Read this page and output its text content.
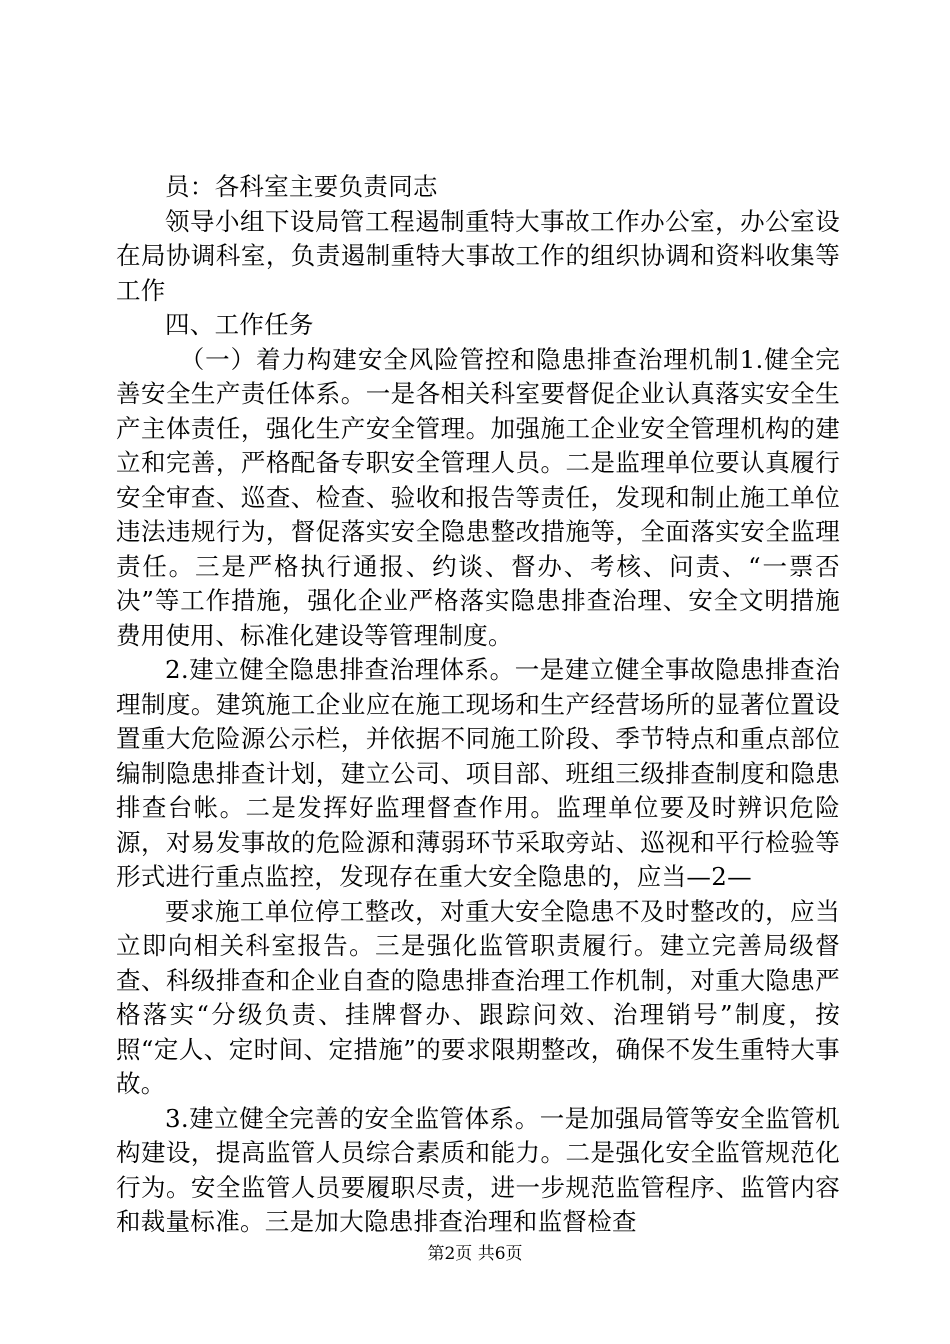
员：各科室主要负责同志

领导小组下设局管工程遏制重特大事故工作办公室，办公室设在局协调科室，负责遏制重特大事故工作的组织协调和资料收集等工作

四、工作任务

（一）着力构建安全风险管控和隐患排查治理机制1.健全完善安全生产责任体系。一是各相关科室要督促企业认真落实安全生产主体责任，强化生产安全管理。加强施工企业安全管理机构的建立和完善，严格配备专职安全管理人员。二是监理单位要认真履行安全审查、巡查、检查、验收和报告等责任，发现和制止施工单位违法违规行为，督促落实安全隐患整改措施等，全面落实安全监理责任。三是严格执行通报、约谈、督办、考核、问责、“一票否决”等工作措施，强化企业严格落实隐患排查治理、安全文明措施费用使用、标准化建设等管理制度。

2.建立健全隐患排查治理体系。一是建立健全事故隐患排查治理制度。建筑施工企业应在施工现场和生产经营场所的显著位置设置重大危险源公示栏，并依据不同施工阶段、季节特点和重点部位编制隐患排查计划，建立公司、项目部、班组三级排查制度和隐患排查台帐。二是发挥好监理督查作用。监理单位要及时辨识危险源，对易发事故的危险源和薄弱环节采取旁站、巡视和平行检验等形式进行重点监控，发现存在重大安全隐患的，应当—2—

要求施工单位停工整改，对重大安全隐患不及时整改的，应当立即向相关科室报告。三是强化监管职责履行。建立完善局级督查、科级排查和企业自查的隐患排查治理工作机制，对重大隐患严格落实“分级负责、挂牌督办、跟踪问效、治理销号”制度，按照“定人、定时间、定措施”的要求限期整改，确保不发生重特大事故。

3.建立健全完善的安全监管体系。一是加强局管等安全监管机构建设，提高监管人员综合素质和能力。二是强化安全监管规范化行为。安全监管人员要履职尽责，进一步规范监管程序、监管内容和裁量标准。三是加大隐患排查治理和监督检查

第2页 共6页
